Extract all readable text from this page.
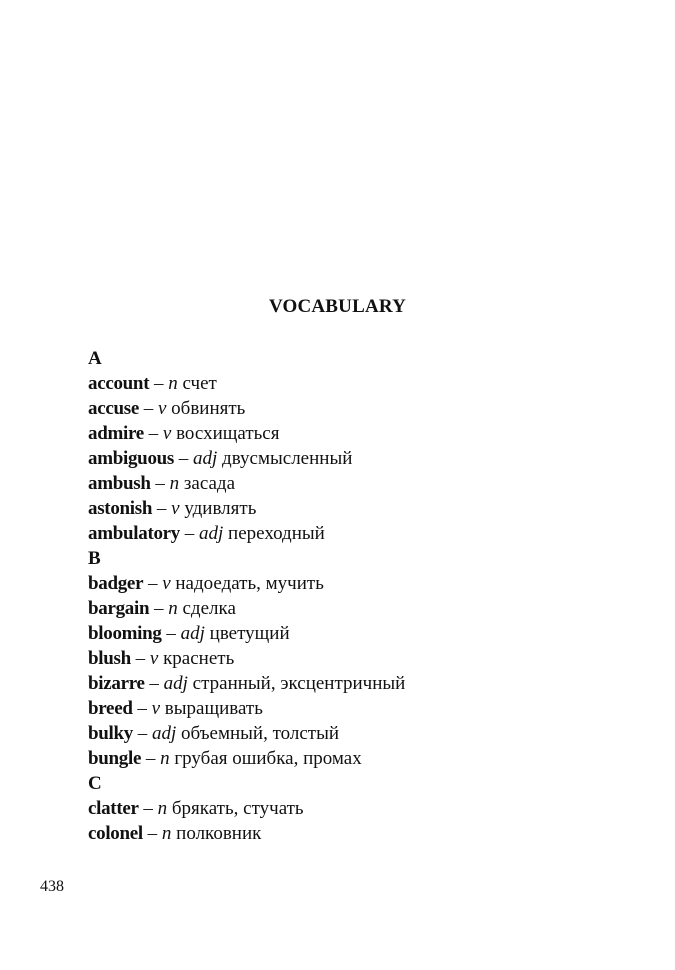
VOCABULARY
A
account – n счет
accuse – v обвинять
admire – v восхищаться
ambiguous – adj двусмысленный
ambush – n засада
astonish – v удивлять
ambulatory – adj переходный
B
badger – v надоедать, мучить
bargain – n сделка
blooming – adj цветущий
blush – v краснеть
bizarre – adj странный, эксцентричный
breed – v выращивать
bulky – adj объемный, толстый
bungle – n грубая ошибка, промах
C
clatter – n брякать, стучать
colonel – n полковник
438
